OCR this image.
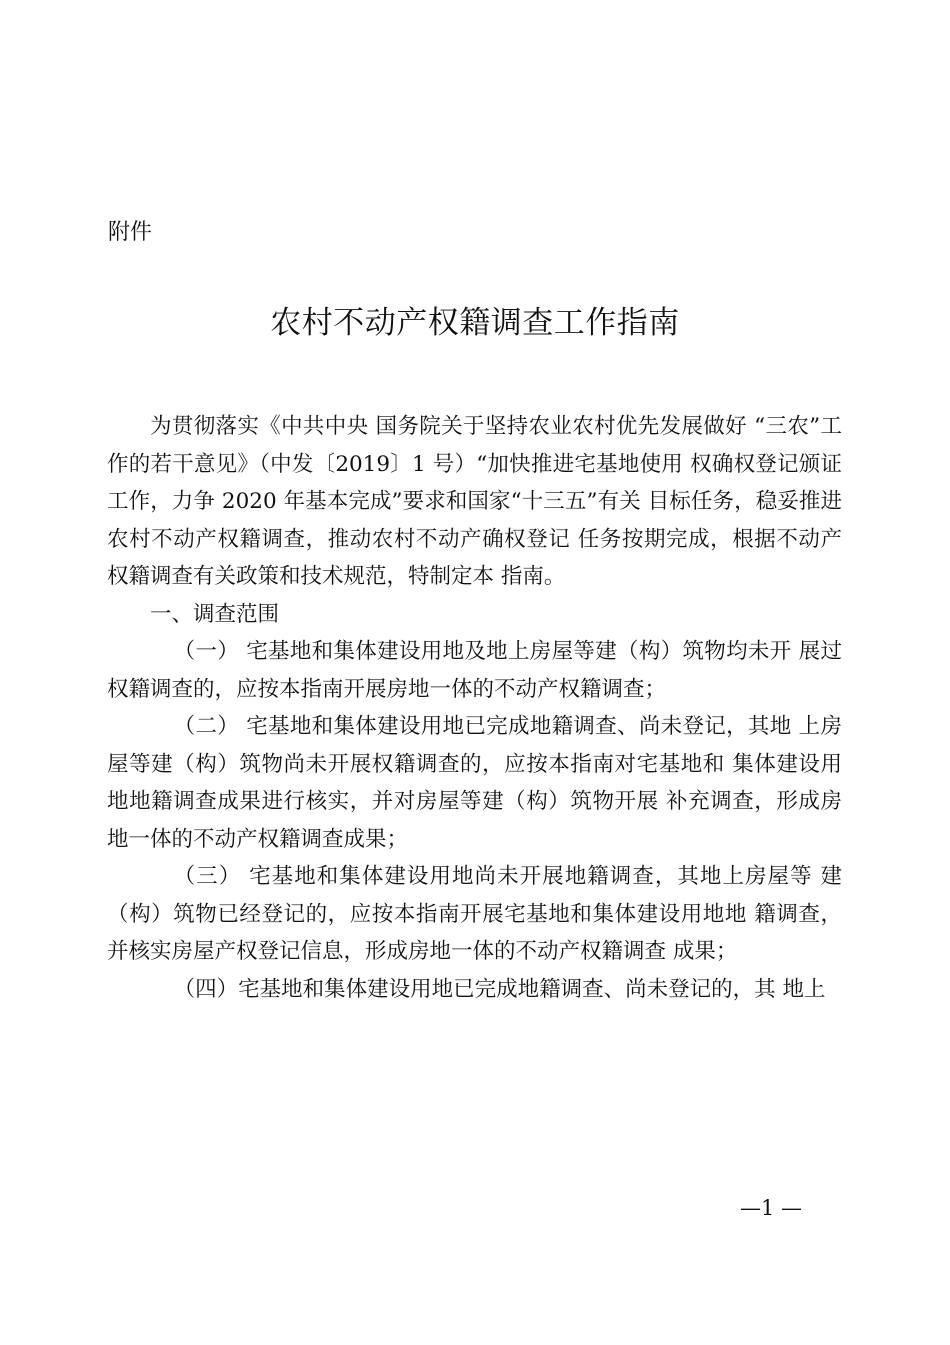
附件
农村不动产权籍调查工作指南

为贯彻落实《中共中央 国务院关于坚持农业农村优先发展做好 “三农”工作的若干意见》（中发〔2019〕1 号）“加快推进宅基地使用 权确权登记颁证工作，力争 2020 年基本完成”要求和国家“十三五”有关 目标任务，稳妥推进农村不动产权籍调查，推动农村不动产确权登记 任务按期完成，根据不动产权籍调查有关政策和技术规范，特制定本 指南。

一、调查范围

（一） 宅基地和集体建设用地及地上房屋等建（构）筑物均未开 展过权籍调查的，应按本指南开展房地一体的不动产权籍调查；

（二） 宅基地和集体建设用地已完成地籍调查、尚未登记，其地 上房屋等建（构）筑物尚未开展权籍调查的，应按本指南对宅基地和 集体建设用地地籍调查成果进行核实，并对房屋等建（构）筑物开展 补充调查，形成房地一体的不动产权籍调查成果；

（三） 宅基地和集体建设用地尚未开展地籍调查，其地上房屋等 建（构）筑物已经登记的，应按本指南开展宅基地和集体建设用地地 籍调查，并核实房屋产权登记信息，形成房地一体的不动产权籍调查 成果；

（四）宅基地和集体建设用地已完成地籍调查、尚未登记的，其 地上

—1 —
